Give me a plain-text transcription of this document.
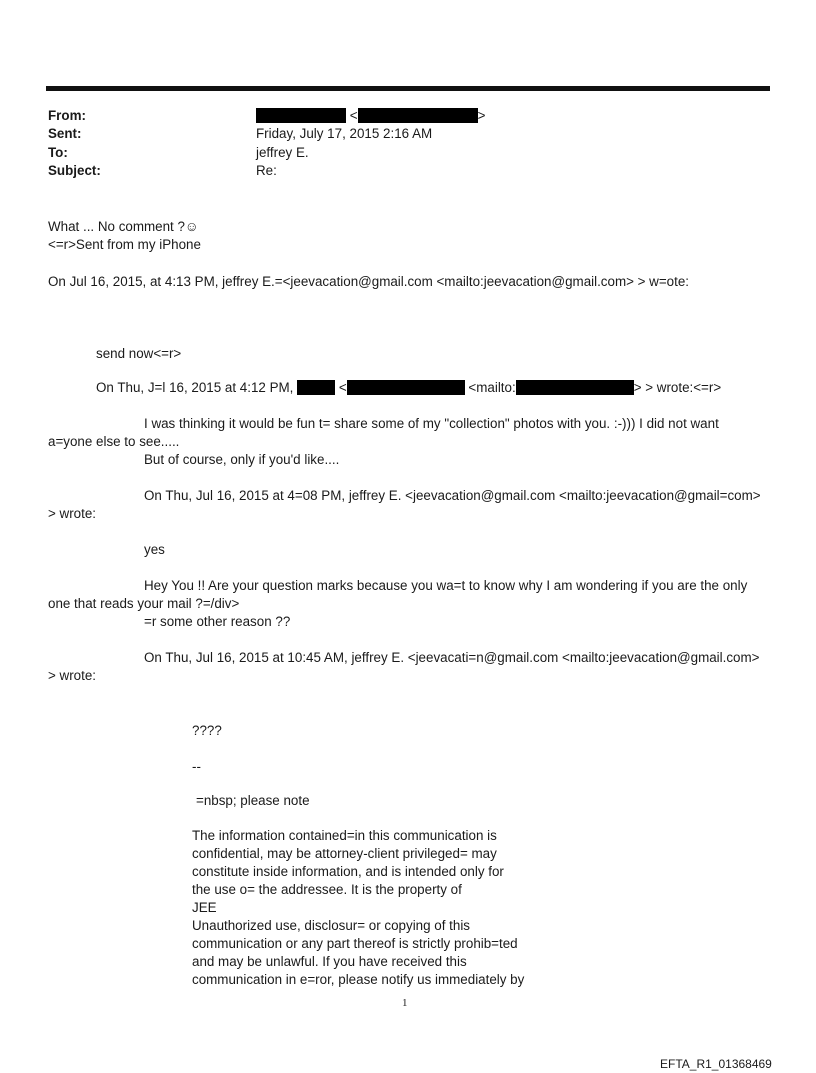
From:	<	>
Sent:	Friday, July 17, 2015 2:16 AM
To:	jeffrey E.
Subject:	Re:
What ... No comment ?☺
<=r>Sent from my iPhone
On Jul 16, 2015, at 4:13 PM, jeffrey E.=<jeevacation@gmail.com <mailto:jeevacation@gmail.com> > w=ote:
send now<=r>
On Thu, J=l 16, 2015 at 4:12 PM,	<	<mailto:	> > wrote:<=r>
I was thinking it would be fun t= share some of my "collection" photos with you. :-))) I did not want
a=yone else to see.....
But of course, only if you'd like....
On Thu, Jul 16, 2015 at 4=08 PM, jeffrey E. <jeevacation@gmail.com <mailto:jeevacation@gmail=com>
> wrote:
yes
Hey You !! Are your question marks because you wa=t to know why I am wondering if you are the only
one that reads your mail ?=/div>
=r some other reason ??
On Thu, Jul 16, 2015 at 10:45 AM, jeffrey E. <jeevacati=n@gmail.com <mailto:jeevacation@gmail.com>
> wrote:
????
--
=nbsp; please note
The information contained=in this communication is
confidential, may be attorney-client privileged= may
constitute inside information, and is intended only for
the use o= the addressee. It is the property of
JEE
Unauthorized use, disclosur= or copying of this
communication or any part thereof is strictly prohib=ted
and may be unlawful. If you have received this
communication in e=ror, please notify us immediately by
1
EFTA_R1_01368469
